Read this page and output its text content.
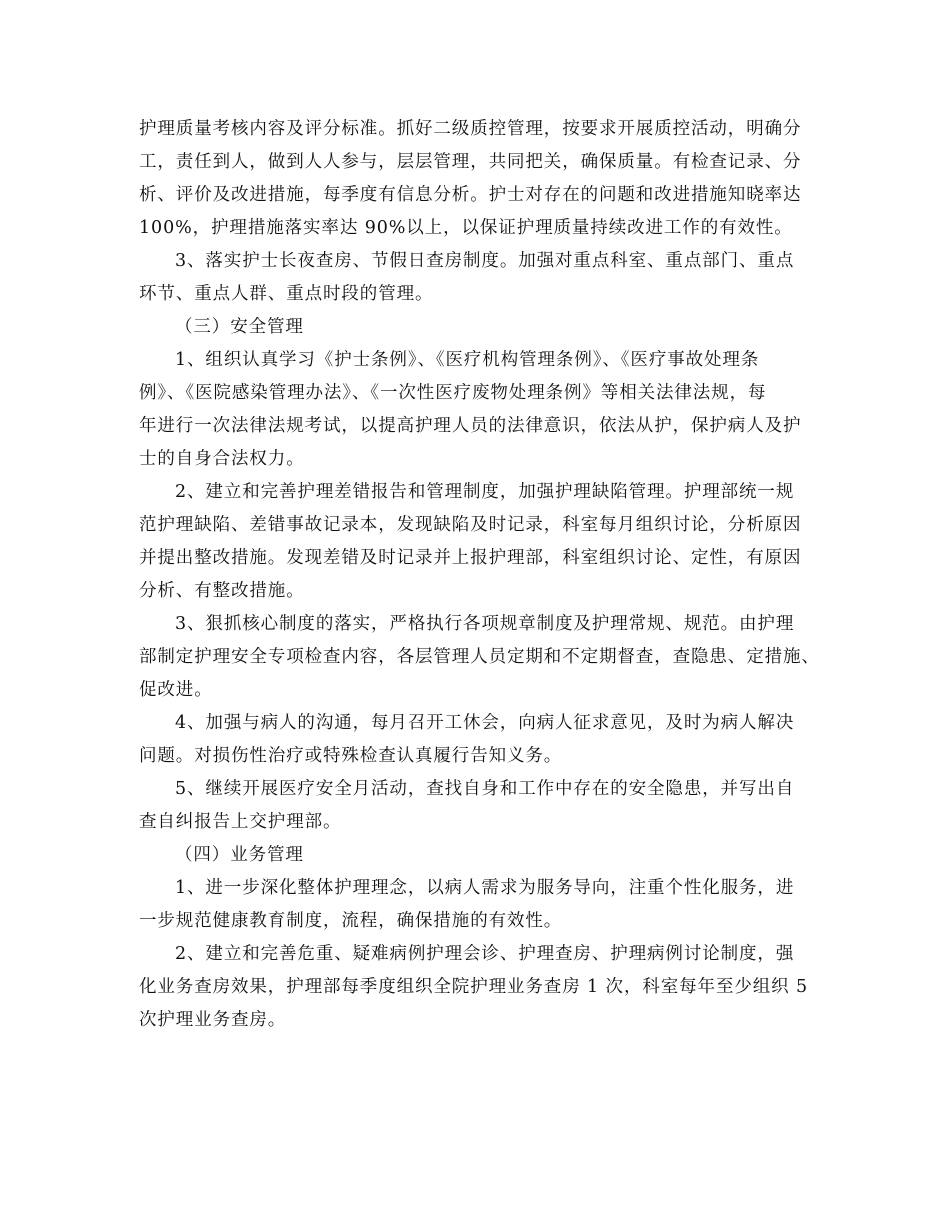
护理质量考核内容及评分标准。抓好二级质控管理，按要求开展质控活动，明确分
工，责任到人，做到人人参与，层层管理，共同把关，确保质量。有检查记录、分
析、评价及改进措施，每季度有信息分析。护士对存在的问题和改进措施知晓率达
100%，护理措施落实率达 90%以上，以保证护理质量持续改进工作的有效性。
3、落实护士长夜查房、节假日查房制度。加强对重点科室、重点部门、重点
环节、重点人群、重点时段的管理。
（三）安全管理
1、组织认真学习《护士条例》、《医疗机构管理条例》、《医疗事故处理条
例》、《医院感染管理办法》、《一次性医疗废物处理条例》等相关法律法规，每
年进行一次法律法规考试，以提高护理人员的法律意识，依法从护，保护病人及护
士的自身合法权力。
2、建立和完善护理差错报告和管理制度，加强护理缺陷管理。护理部统一规
范护理缺陷、差错事故记录本，发现缺陷及时记录，科室每月组织讨论，分析原因
并提出整改措施。发现差错及时记录并上报护理部，科室组织讨论、定性，有原因
分析、有整改措施。
3、狠抓核心制度的落实，严格执行各项规章制度及护理常规、规范。由护理
部制定护理安全专项检查内容，各层管理人员定期和不定期督查，查隐患、定措施、
促改进。
4、加强与病人的沟通，每月召开工休会，向病人征求意见，及时为病人解决
问题。对损伤性治疗或特殊检查认真履行告知义务。
5、继续开展医疗安全月活动，查找自身和工作中存在的安全隐患，并写出自
查自纠报告上交护理部。
（四）业务管理
1、进一步深化整体护理理念，以病人需求为服务导向，注重个性化服务，进
一步规范健康教育制度，流程，确保措施的有效性。
2、建立和完善危重、疑难病例护理会诊、护理查房、护理病例讨论制度，强
化业务查房效果，护理部每季度组织全院护理业务查房 1 次，科室每年至少组织 5
次护理业务查房。
